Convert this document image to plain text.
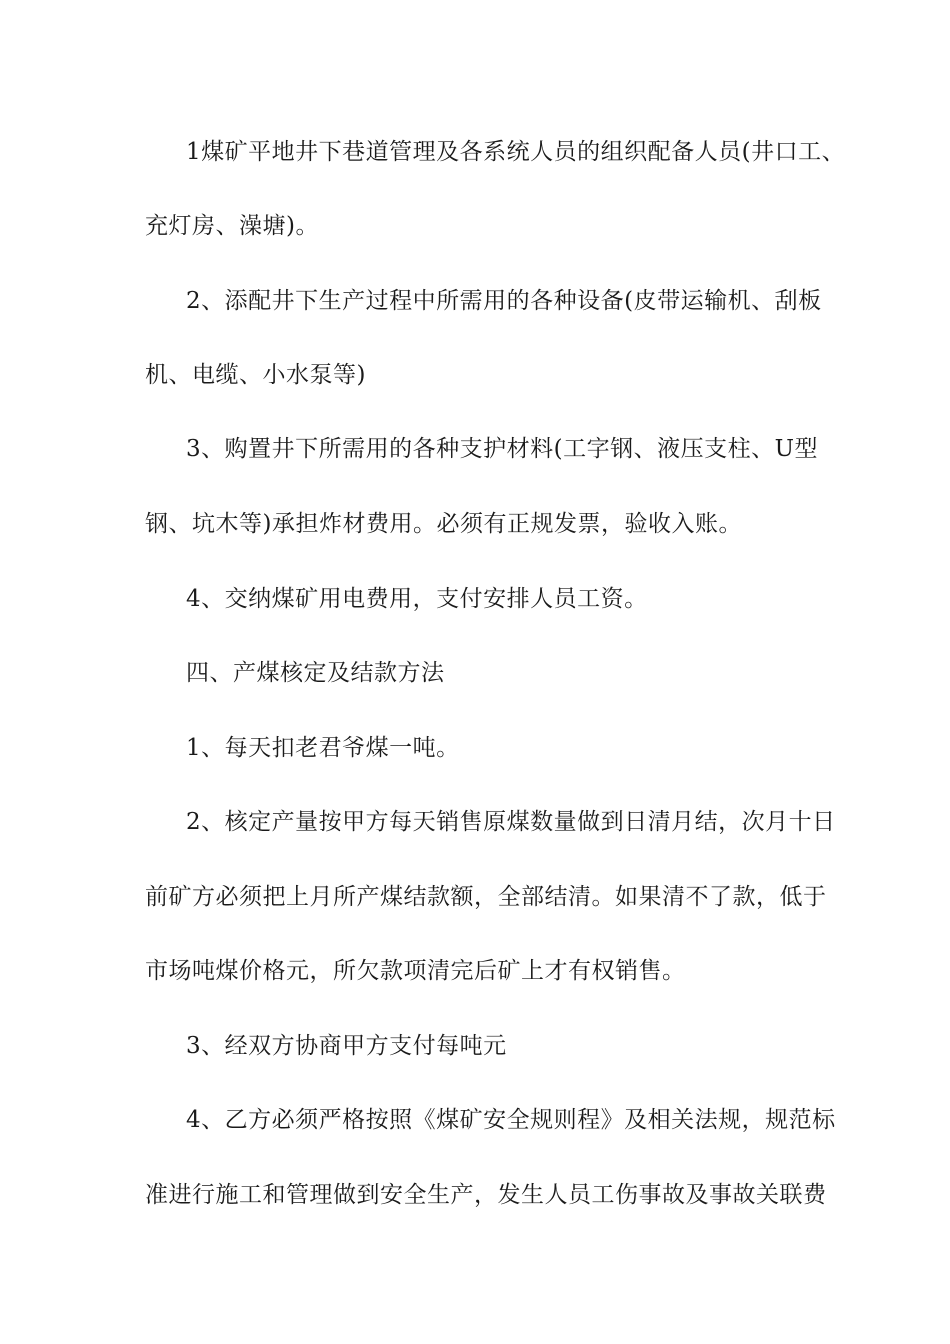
1煤矿平地井下巷道管理及各系统人员的组织配备人员(井口工、
充灯房、澡塘)。
2、添配井下生产过程中所需用的各种设备(皮带运输机、刮板
机、电缆、小水泵等)
3、购置井下所需用的各种支护材料(工字钢、液压支柱、U型
钢、坑木等)承担炸材费用。必须有正规发票，验收入账。
4、交纳煤矿用电费用，支付安排人员工资。
四、产煤核定及结款方法
1、每天扣老君爷煤一吨。
2、核定产量按甲方每天销售原煤数量做到日清月结，次月十日
前矿方必须把上月所产煤结款额，全部结清。如果清不了款，低于
市场吨煤价格元，所欠款项清完后矿上才有权销售。
3、经双方协商甲方支付每吨元
4、乙方必须严格按照《煤矿安全规则程》及相关法规，规范标
准进行施工和管理做到安全生产，发生人员工伤事故及事故关联费
